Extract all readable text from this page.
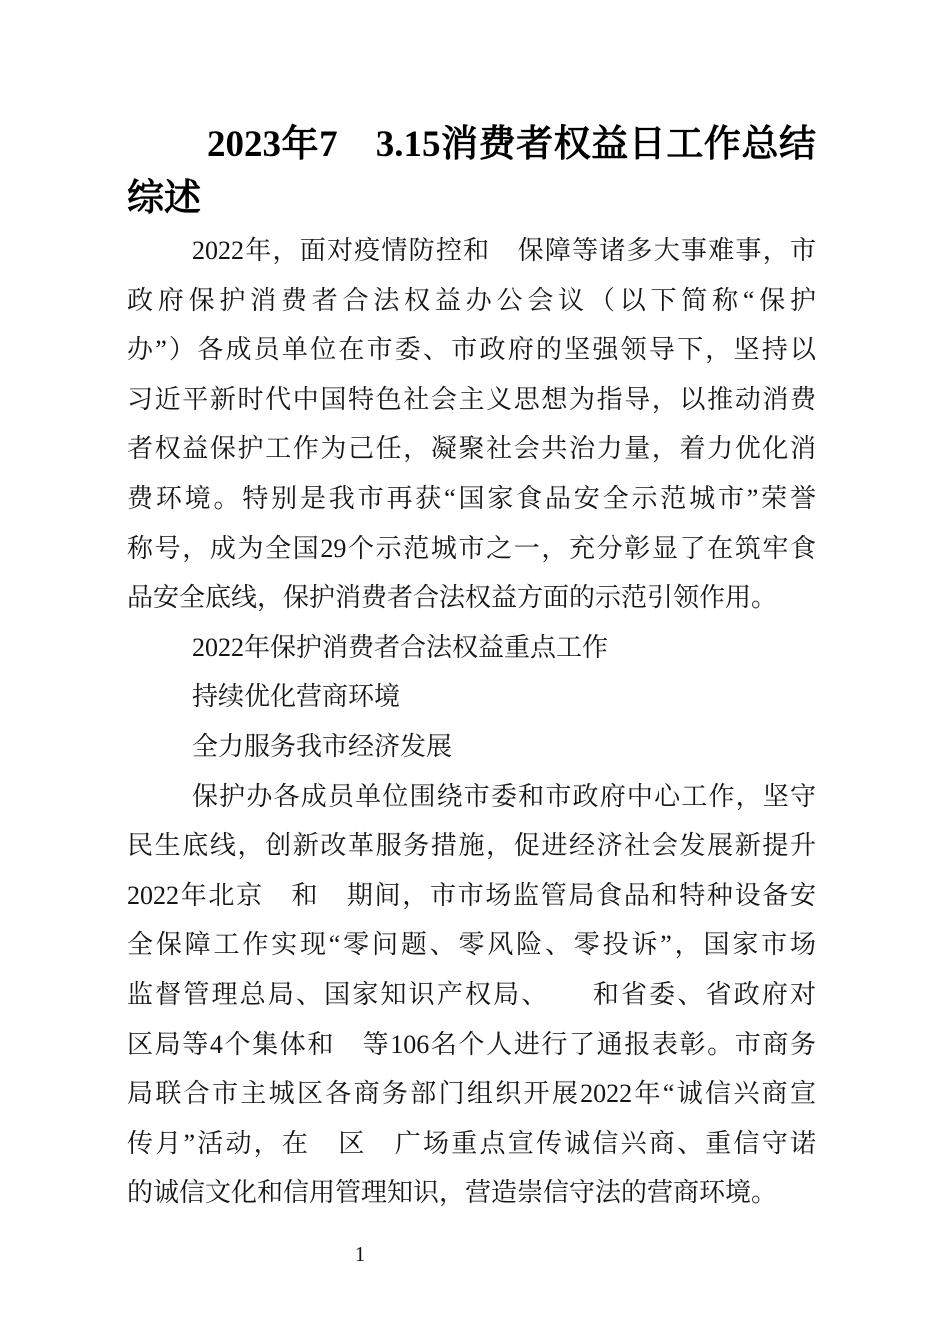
2023年7　3.15消费者权益日工作总结
综述
2022年，面对疫情防控和　保障等诸多大事难事，市
政府保护消费者合法权益办公会议（以下简称“保护
办”）各成员单位在市委、市政府的坚强领导下，坚持以
习近平新时代中国特色社会主义思想为指导，以推动消费
者权益保护工作为己任，凝聚社会共治力量，着力优化消
费环境。特别是我市再获“国家食品安全示范城市”荣誉
称号，成为全国29个示范城市之一，充分彰显了在筑牢食
品安全底线，保护消费者合法权益方面的示范引领作用。
2022年保护消费者合法权益重点工作
持续优化营商环境
全力服务我市经济发展
保护办各成员单位围绕市委和市政府中心工作，坚守
民生底线，创新改革服务措施，促进经济社会发展新提升
2022年北京　和　期间，市市场监管局食品和特种设备安
全保障工作实现“零问题、零风险、零投诉”，国家市场
监督管理总局、国家知识产权局、　　和省委、省政府对
区局等4个集体和　等106名个人进行了通报表彰。市商务
局联合市主城区各商务部门组织开展2022年“诚信兴商宣
传月”活动，在　区　广场重点宣传诚信兴商、重信守诺
的诚信文化和信用管理知识，营造崇信守法的营商环境。
1
